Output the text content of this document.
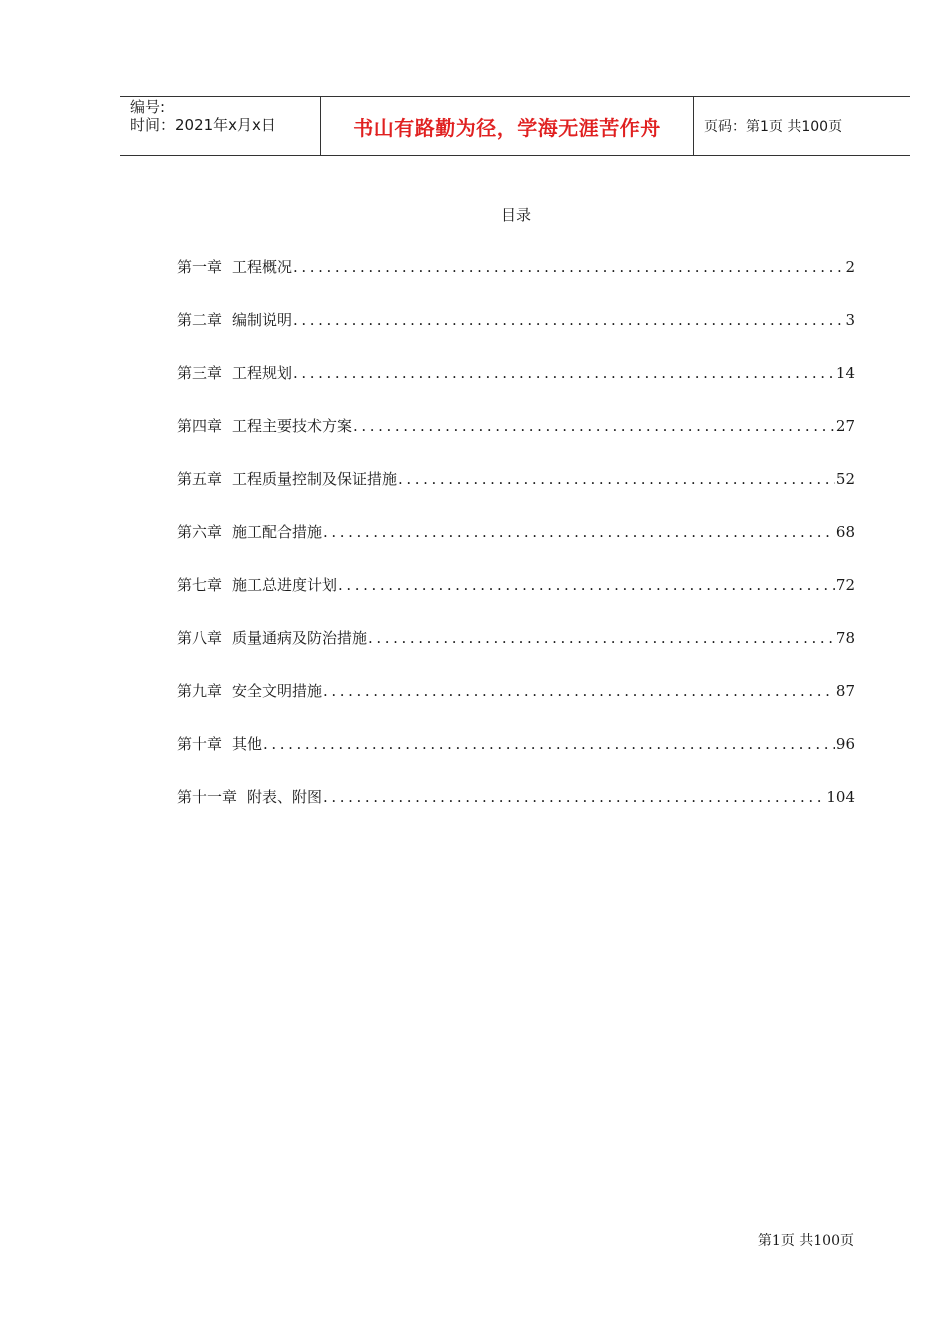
编号:
时间：2021年x月x日	书山有路勤为径，学海无涯苦作舟	页码：第1页 共100页
目录
第一章 工程概况 .....	2
第二章 编制说明 .....	3
第三章 工程规划 .....	14
第四章 工程主要技术方案 .....	27
第五章 工程质量控制及保证措施 .....	52
第六章 施工配合措施 .....	68
第七章 施工总进度计划 .....	72
第八章 质量通病及防治措施 .....	78
第九章 安全文明措施 .....	87
第十章 其他 .....	96
第十一章 附表、附图 .....	104
第1页 共100页
